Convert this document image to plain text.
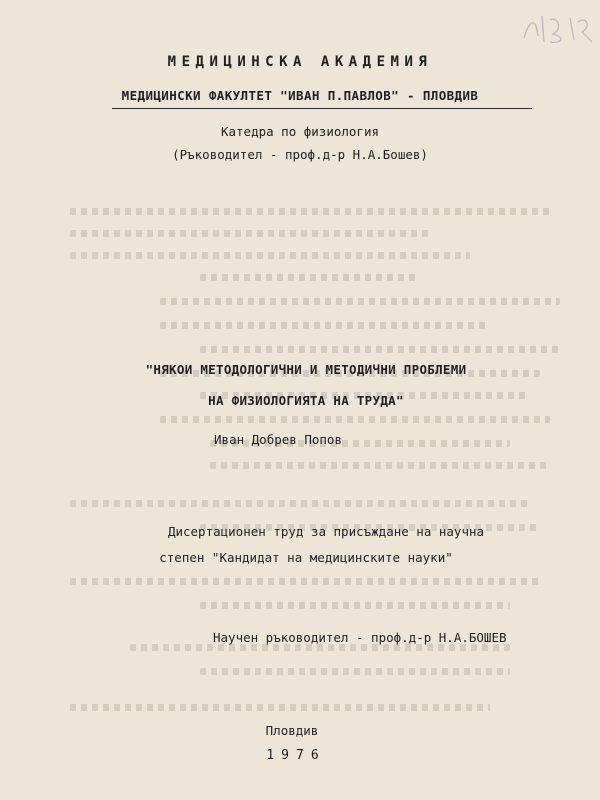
МЕДИЦИНСКА АКАДЕМИЯ
МЕДИЦИНСКИ ФАКУЛТЕТ "ИВАН П.ПАВЛОВ" - ПЛОВДИВ
Катедра по физиология
(Ръководител - проф.д-р Н.А.Бошев)
"НЯКОИ МЕТОДОЛОГИЧНИ И МЕТОДИЧНИ ПРОБЛЕМИ
НА ФИЗИОЛОГИЯТА НА ТРУДА"
Иван Добрев Попов
Дисертационен труд за присъждане на научна
степен "Кандидат на медицинските науки"
Научен ръководител - проф.д-р Н.А.БОШЕВ
Пловдив
1976
